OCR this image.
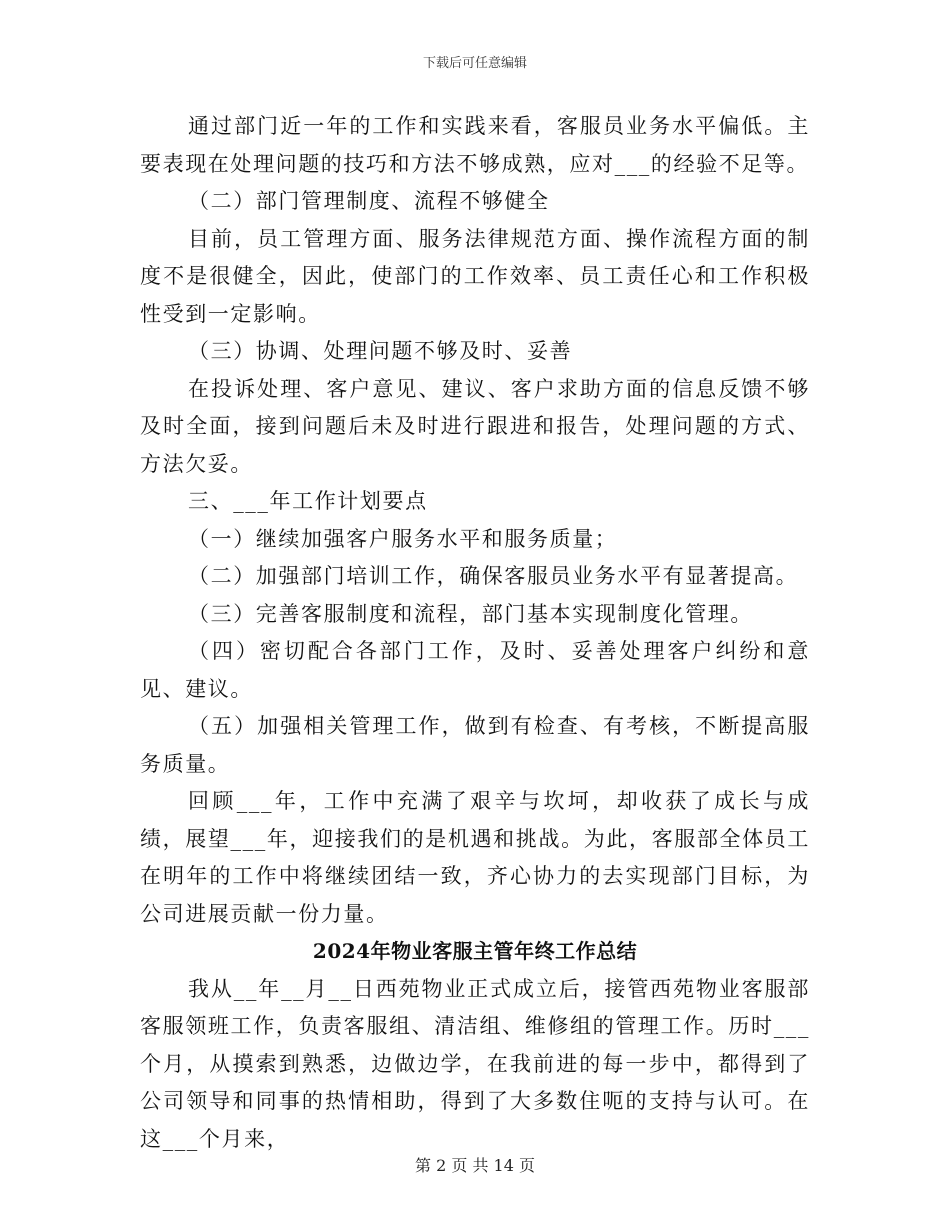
下载后可任意编辑

通过部门近一年的工作和实践来看，客服员业务水平偏低。主要表现在处理问题的技巧和方法不够成熟，应对___的经验不足等。

（二）部门管理制度、流程不够健全

目前，员工管理方面、服务法律规范方面、操作流程方面的制度不是很健全，因此，使部门的工作效率、员工责任心和工作积极性受到一定影响。

（三）协调、处理问题不够及时、妥善

在投诉处理、客户意见、建议、客户求助方面的信息反馈不够及时全面，接到问题后未及时进行跟进和报告，处理问题的方式、方法欠妥。

三、___年工作计划要点

（一）继续加强客户服务水平和服务质量；

（二）加强部门培训工作，确保客服员业务水平有显著提高。

（三）完善客服制度和流程，部门基本实现制度化管理。

（四）密切配合各部门工作，及时、妥善处理客户纠纷和意见、建议。

（五）加强相关管理工作，做到有检查、有考核，不断提高服务质量。

回顾___年，工作中充满了艰辛与坎坷，却收获了成长与成绩，展望___年，迎接我们的是机遇和挑战。为此，客服部全体员工在明年的工作中将继续团结一致，齐心协力的去实现部门目标，为公司进展贡献一份力量。

2024年物业客服主管年终工作总结

我从__年__月__日西苑物业正式成立后，接管西苑物业客服部客服领班工作，负责客服组、清洁组、维修组的管理工作。历时___个月，从摸索到熟悉，边做边学，在我前进的每一步中，都得到了公司领导和同事的热情相助，得到了大多数住呃的支持与认可。在这___个月来，

第 2 页 共 14 页
